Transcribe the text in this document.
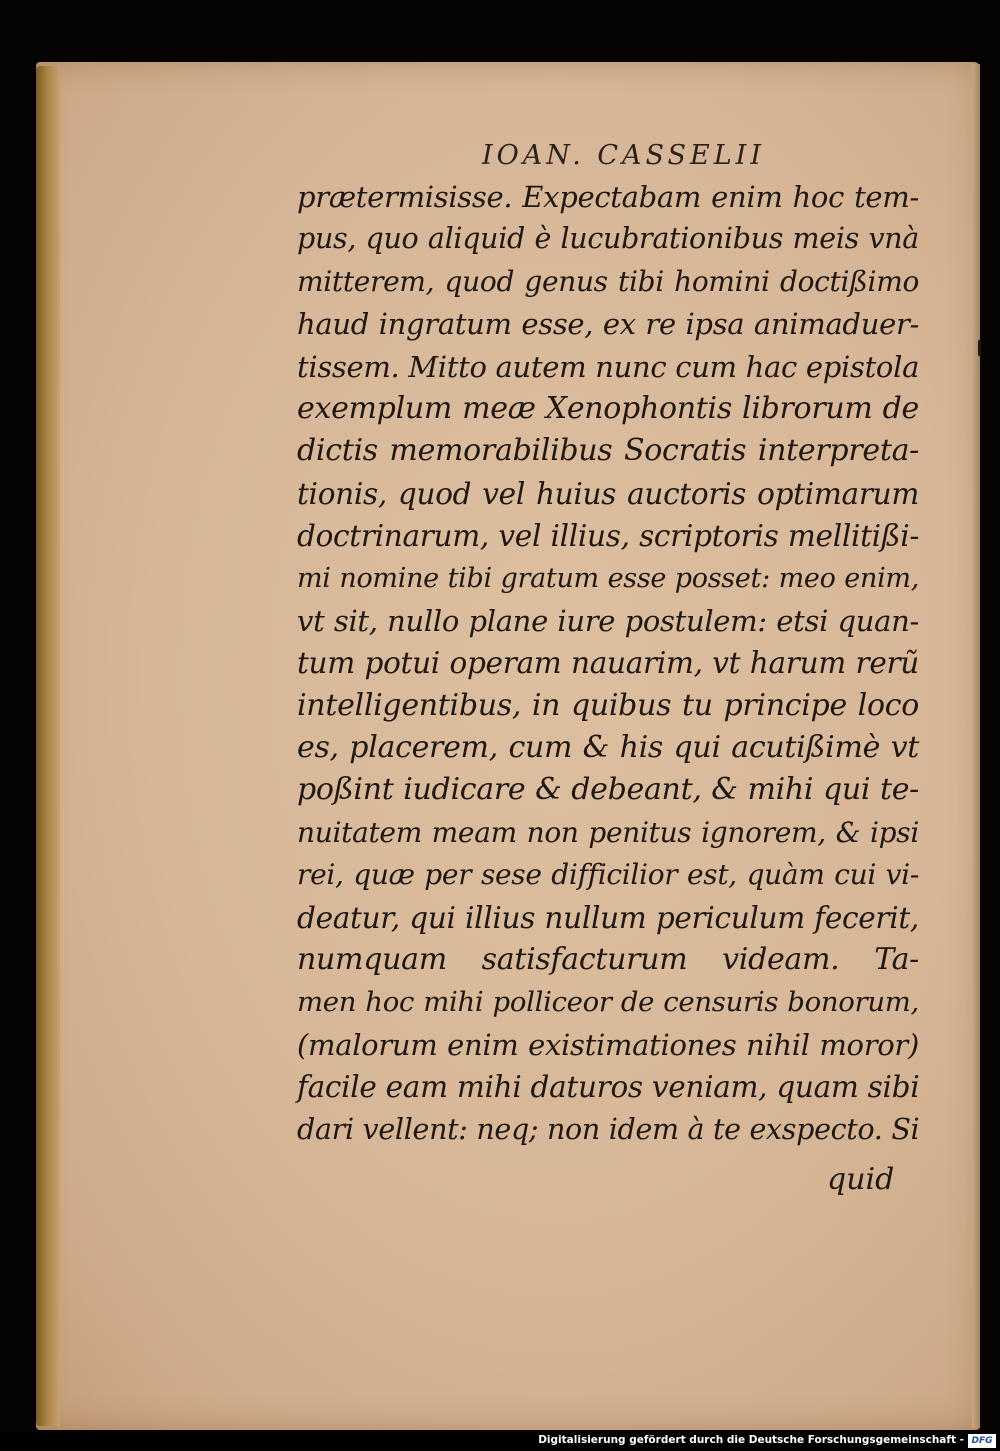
IOAN. CASSELII
prætermisisse. Expectabam enim hoc tem-
pus, quo aliquid è lucubrationibus meis vnà
mitterem, quod genus tibi homini doctißimo
haud ingratum esse, ex re ipsa animaduer-
tissem. Mitto autem nunc cum hac epistola
exemplum meæ Xenophontis librorum de
dictis memorabilibus Socratis interpreta-
tionis, quod vel huius auctoris optimarum
doctrinarum, vel illius, scriptoris mellitißi-
mi nomine tibi gratum esse posset: meo enim,
vt sit, nullo plane iure postulem: etsi quan-
tum potui operam nauarim, vt harum rerũ
intelligentibus, in quibus tu principe loco
es, placerem, cum & his qui acutißimè vt
poßint iudicare & debeant, & mihi qui te-
nuitatem meam non penitus ignorem, & ipsi
rei, quæ per sese difficilior est, quàm cui vi-
deatur, qui illius nullum periculum fecerit,
numquam satisfacturum videam. Ta-
men hoc mihi polliceor de censuris bonorum,
(malorum enim existimationes nihil moror)
facile eam mihi daturos veniam, quam sibi
dari vellent: neq; non idem à te exspecto. Si
quid
Digitalisierung gefördert durch die Deutsche Forschungsgemeinschaft - DFG
